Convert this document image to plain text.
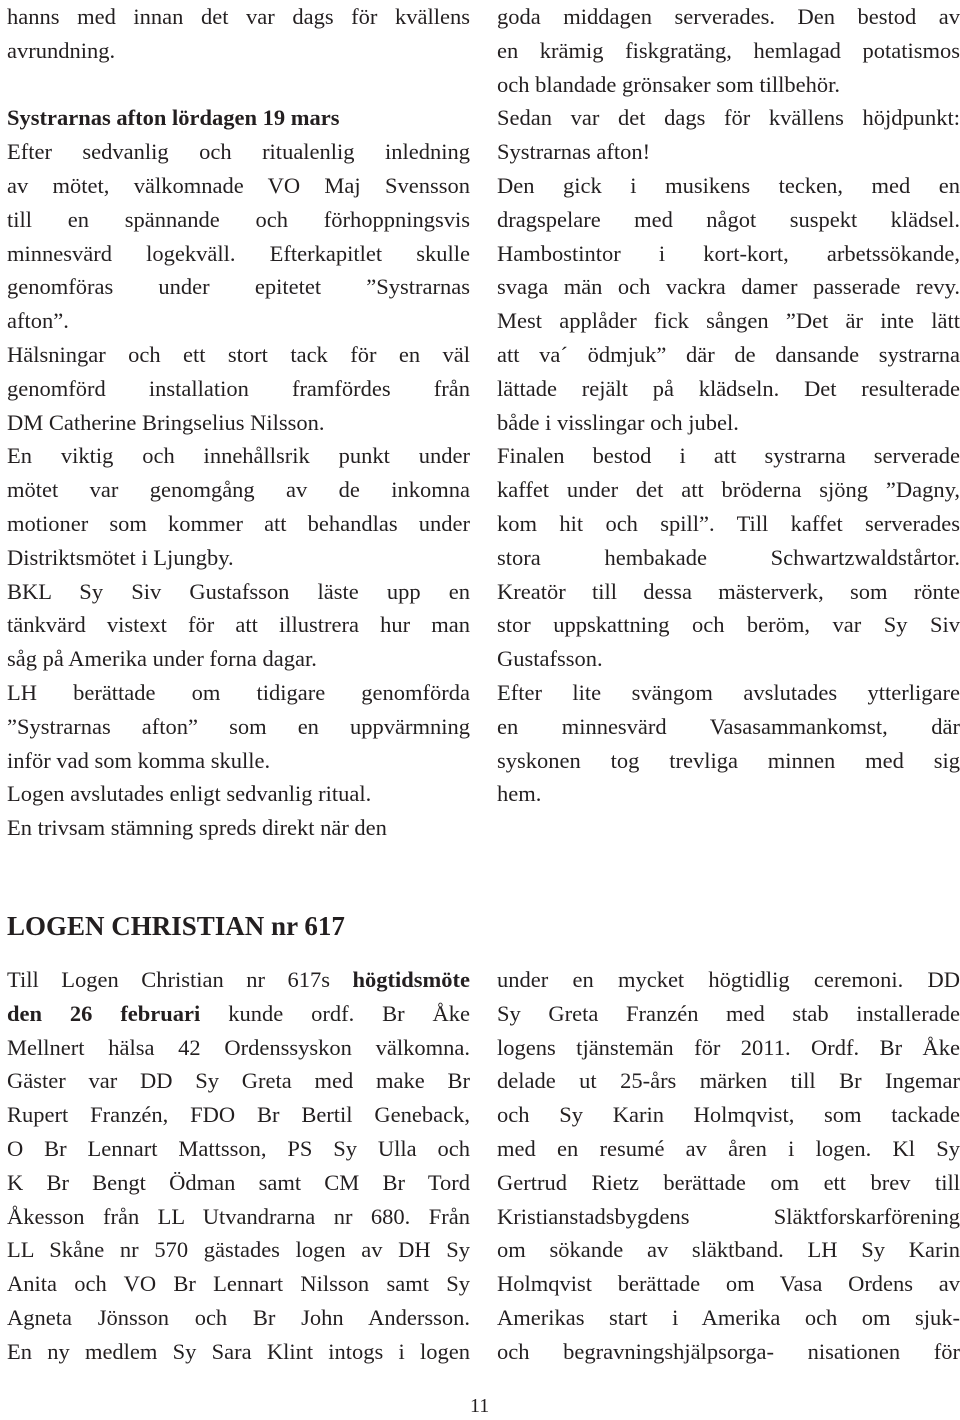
hanns med innan det var dags för kvällens

avrundning.

Systrarnas afton lördagen 19 mars

Efter sedvanlig och ritualenlig inledning

av mötet, välkomnade VO Maj Svensson

till en spännande och förhoppningsvis

minnesvärd logekväll. Efterkapitlet skulle

genomföras under epitetet ”Systrarnas

afton”.

Hälsningar och ett stort tack för en väl

genomförd installation framfördes från

DM Catherine Bringselius Nilsson.

En viktig och innehållsrik punkt under

mötet var genomgång av de inkomna

motioner som kommer att behandlas under

Distriktsmötet i Ljungby.

BKL Sy Siv Gustafsson läste upp en

tänkvärd vistext för att illustrera hur man

såg på Amerika under forna dagar.

LH berättade om tidigare genomförda

”Systrarnas afton” som en uppvärmning

inför vad som komma skulle.

Logen avslutades enligt sedvanlig ritual.

En trivsam stämning spreds direkt när den

goda middagen serverades. Den bestod av

en krämig fiskgratäng, hemlagad potatismos

och blandade grönsaker som tillbehör.

Sedan var det dags för kvällens höjdpunkt:

Systrarnas afton!

Den gick i musikens tecken, med en

dragspelare med något suspekt klädsel.

Hambostintor i kort-kort, arbetssökande,

svaga män och vackra damer passerade revy.

Mest applåder fick sången ”Det är inte lätt

att va´ ödmjuk” där de dansande systrarna

lättade rejält på klädseln. Det resulterade

både i visslingar och jubel.

Finalen bestod i att systrarna serverade

kaffet under det att bröderna sjöng ”Dagny,

kom hit och spill”. Till kaffet serverades

stora hembakade Schwartzwaldstårtor.

Kreatör till dessa mästerverk, som rönte

stor uppskattning och beröm, var Sy Siv

Gustafsson.

Efter lite svängom avslutades ytterligare

en minnesvärd Vasasammankomst, där

syskonen tog trevliga minnen med sig

hem.

LOGEN CHRISTIAN nr 617

Till Logen Christian nr 617s högtidsmöte

den 26 februari kunde ordf. Br Åke

Mellnert hälsa 42 Ordenssyskon välkomna.

Gäster var DD Sy Greta med make Br

Rupert Franzén, FDO Br Bertil Geneback,

O Br Lennart Mattsson, PS Sy Ulla och

K Br Bengt Ödman samt CM Br Tord

Åkesson från LL Utvandrarna nr 680. Från

LL Skåne nr 570 gästades logen av DH Sy

Anita och VO Br Lennart Nilsson samt Sy

Agneta Jönsson och Br John Andersson.

En ny medlem Sy Sara Klint intogs i logen

under en mycket högtidlig ceremoni. DD

Sy Greta Franzén med stab installerade

logens tjänstemän för 2011. Ordf. Br Åke

delade ut 25-års märken till Br Ingemar

och Sy Karin Holmqvist, som tackade

med en resumé av åren i logen. Kl Sy

Gertrud Rietz berättade om ett brev till

Kristianstadsbygdens Släktforskarförening

om sökande av släktband. LH Sy Karin

Holmqvist berättade om Vasa Ordens av

Amerikas start i Amerika och om sjuk-

och begravningshjälpsorga- nisationen för

11
